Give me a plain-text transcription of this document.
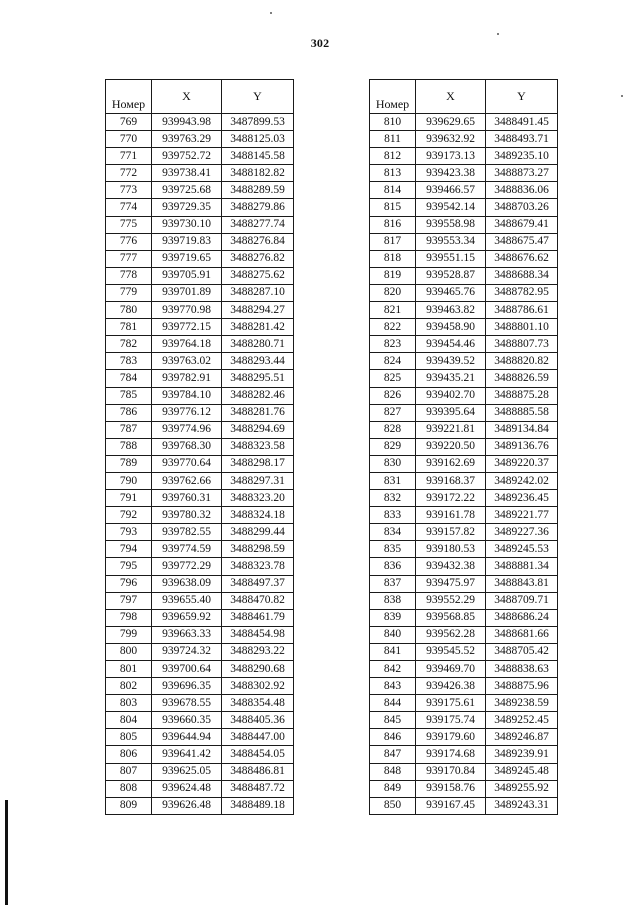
302
Номер	X	Y
769	939943.98	3487899.53
770	939763.29	3488125.03
771	939752.72	3488145.58
772	939738.41	3488182.82
773	939725.68	3488289.59
774	939729.35	3488279.86
775	939730.10	3488277.74
776	939719.83	3488276.84
777	939719.65	3488276.82
778	939705.91	3488275.62
779	939701.89	3488287.10
780	939770.98	3488294.27
781	939772.15	3488281.42
782	939764.18	3488280.71
783	939763.02	3488293.44
784	939782.91	3488295.51
785	939784.10	3488282.46
786	939776.12	3488281.76
787	939774.96	3488294.69
788	939768.30	3488323.58
789	939770.64	3488298.17
790	939762.66	3488297.31
791	939760.31	3488323.20
792	939780.32	3488324.18
793	939782.55	3488299.44
794	939774.59	3488298.59
795	939772.29	3488323.78
796	939638.09	3488497.37
797	939655.40	3488470.82
798	939659.92	3488461.79
799	939663.33	3488454.98
800	939724.32	3488293.22
801	939700.64	3488290.68
802	939696.35	3488302.92
803	939678.55	3488354.48
804	939660.35	3488405.36
805	939644.94	3488447.00
806	939641.42	3488454.05
807	939625.05	3488486.81
808	939624.48	3488487.72
809	939626.48	3488489.18
Номер	X	Y
810	939629.65	3488491.45
811	939632.92	3488493.71
812	939173.13	3489235.10
813	939423.38	3488873.27
814	939466.57	3488836.06
815	939542.14	3488703.26
816	939558.98	3488679.41
817	939553.34	3488675.47
818	939551.15	3488676.62
819	939528.87	3488688.34
820	939465.76	3488782.95
821	939463.82	3488786.61
822	939458.90	3488801.10
823	939454.46	3488807.73
824	939439.52	3488820.82
825	939435.21	3488826.59
826	939402.70	3488875.28
827	939395.64	3488885.58
828	939221.81	3489134.84
829	939220.50	3489136.76
830	939162.69	3489220.37
831	939168.37	3489242.02
832	939172.22	3489236.45
833	939161.78	3489221.77
834	939157.82	3489227.36
835	939180.53	3489245.53
836	939432.38	3488881.34
837	939475.97	3488843.81
838	939552.29	3488709.71
839	939568.85	3488686.24
840	939562.28	3488681.66
841	939545.52	3488705.42
842	939469.70	3488838.63
843	939426.38	3488875.96
844	939175.61	3489238.59
845	939175.74	3489252.45
846	939179.60	3489246.87
847	939174.68	3489239.91
848	939170.84	3489245.48
849	939158.76	3489255.92
850	939167.45	3489243.31
